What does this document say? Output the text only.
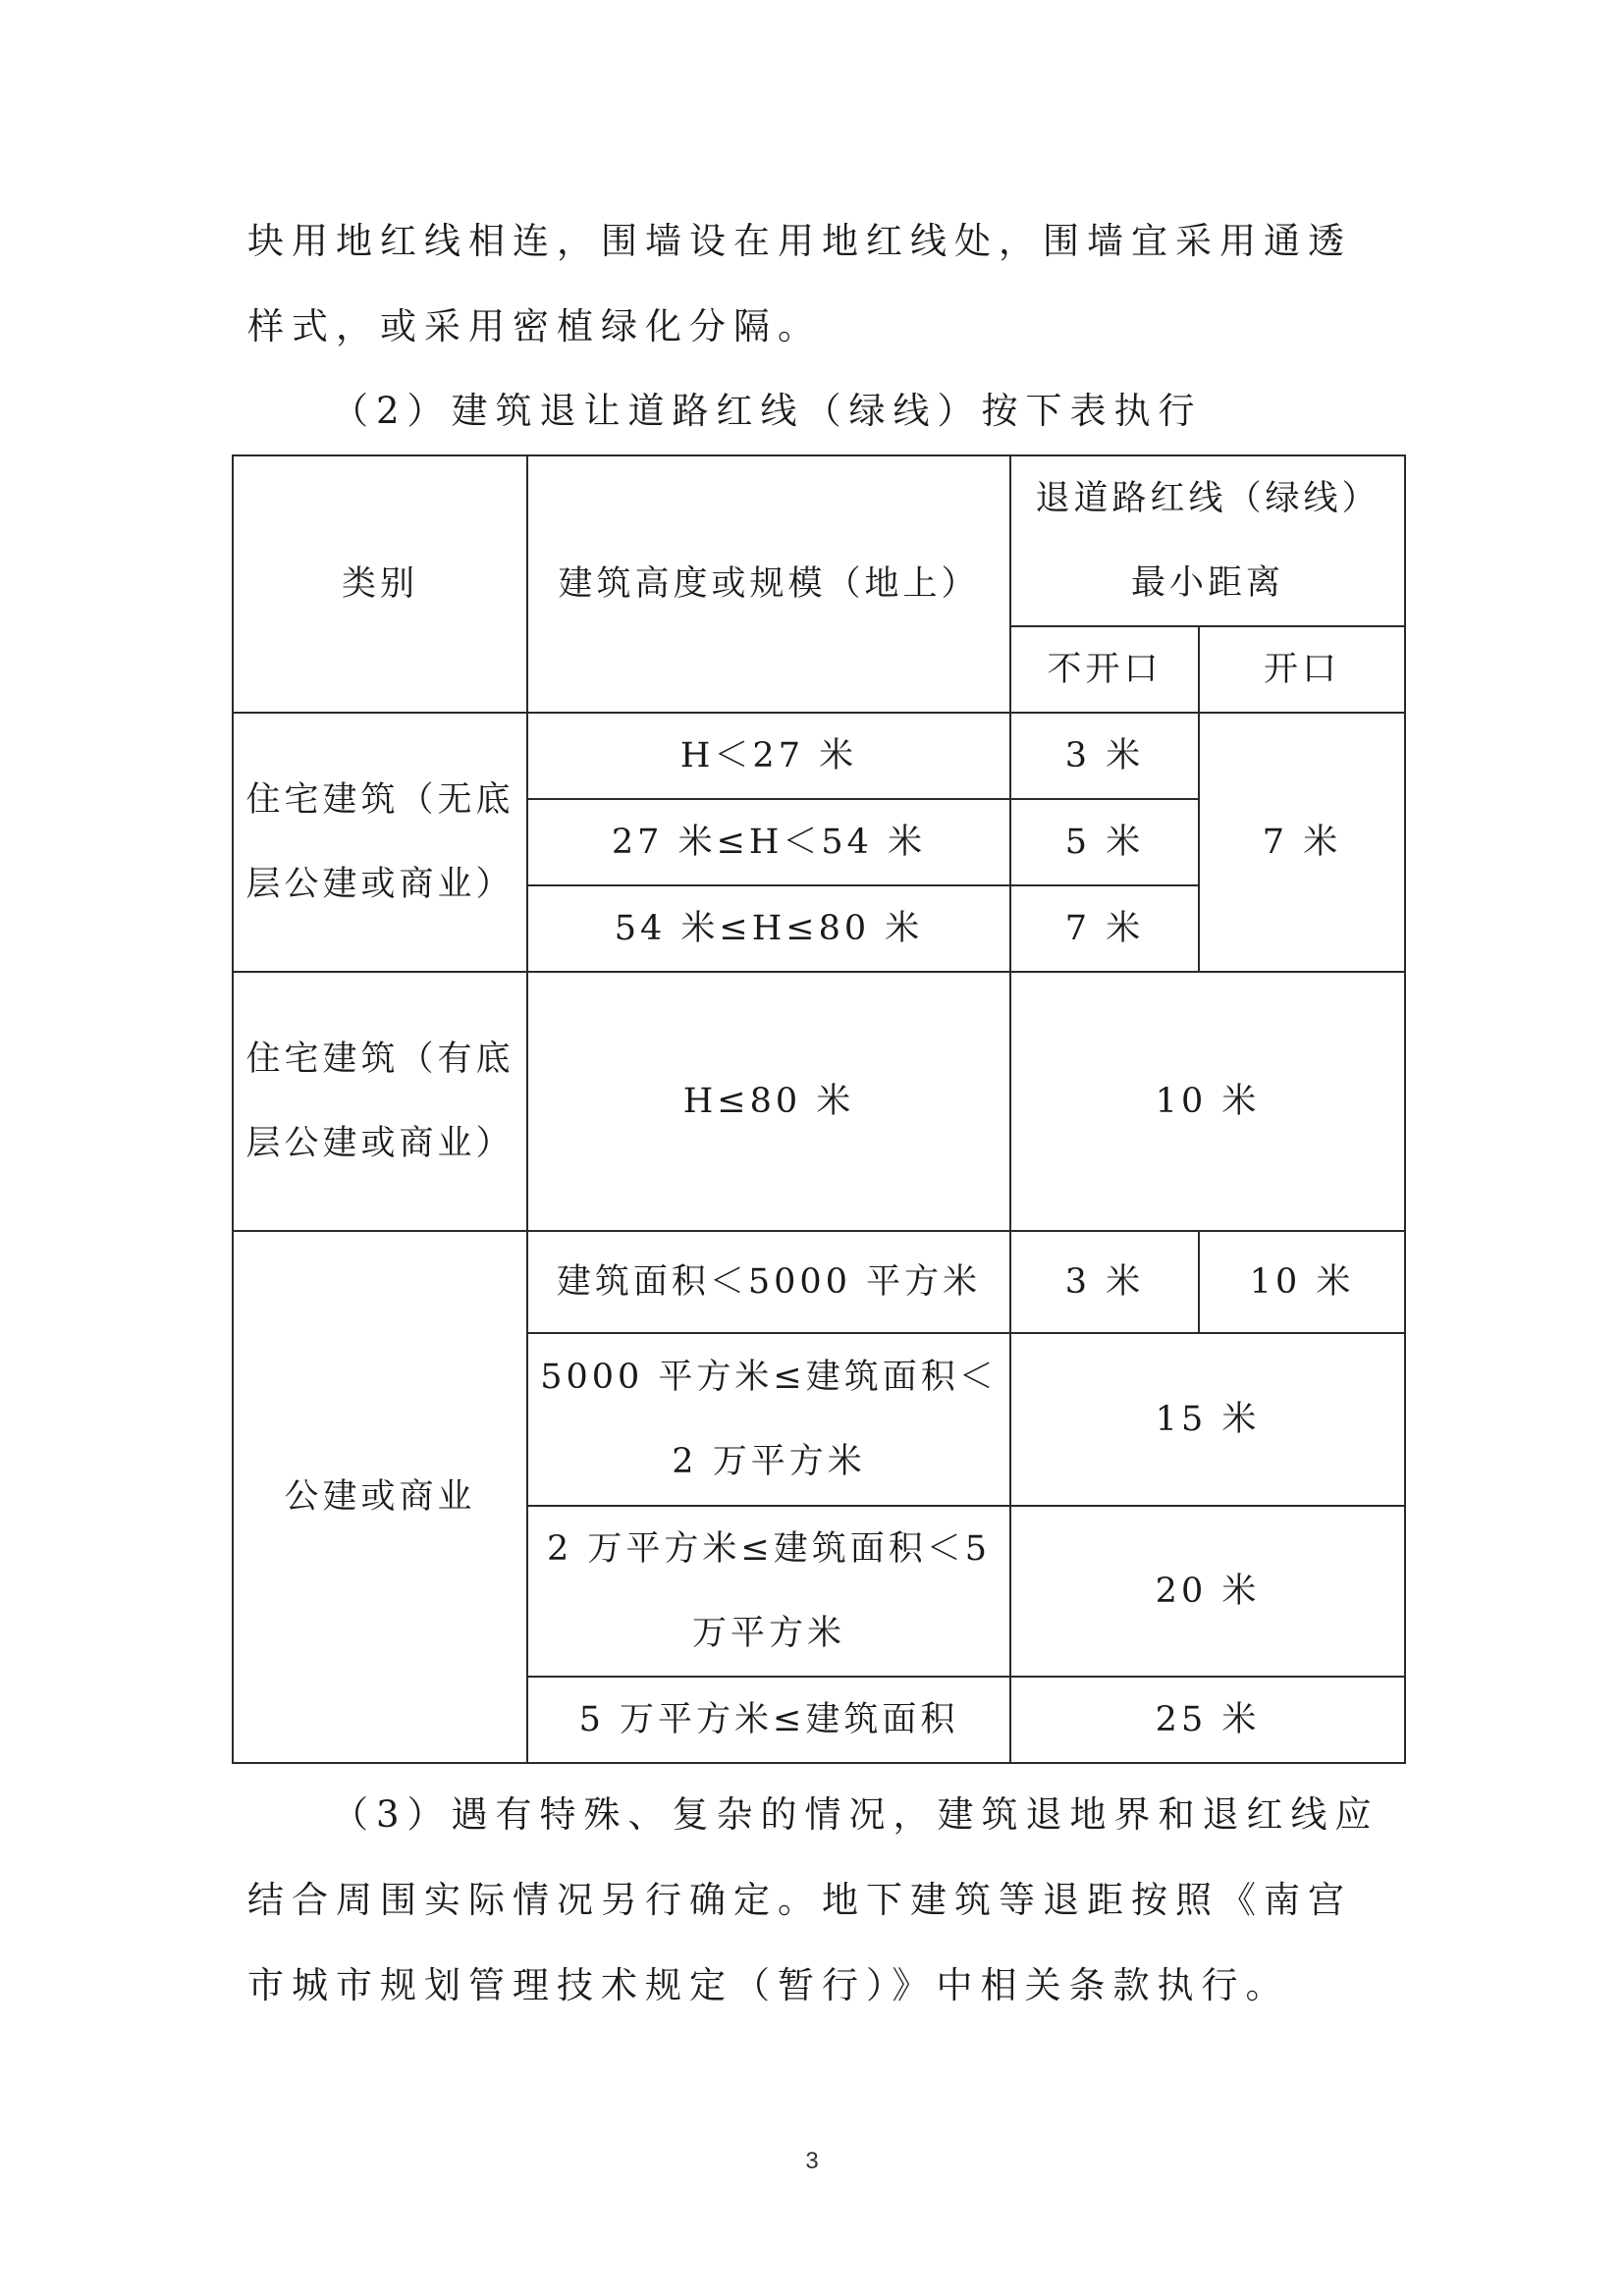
块用地红线相连，围墙设在用地红线处，围墙宜采用通透样式，或采用密植绿化分隔。

（2）建筑退让道路红线（绿线）按下表执行

类别	建筑高度或规模（地上）	退道路红线（绿线）最小距离	
		不开口	开口
住宅建筑（无底层公建或商业）	H＜27 米	3 米	7 米
	27 米≤H＜54 米	5 米	
	54 米≤H≤80 米	7 米	
住宅建筑（有底层公建或商业）	H≤80 米	10 米	
公建或商业	建筑面积＜5000 平方米	3 米	10 米
	5000 平方米≤建筑面积＜2 万平方米	15 米	
	2 万平方米≤建筑面积＜5 万平方米	20 米	
	5 万平方米≤建筑面积	25 米	

（3）遇有特殊、复杂的情况，建筑退地界和退红线应结合周围实际情况另行确定。地下建筑等退距按照《南宫市城市规划管理技术规定（暂行）》中相关条款执行。

3
